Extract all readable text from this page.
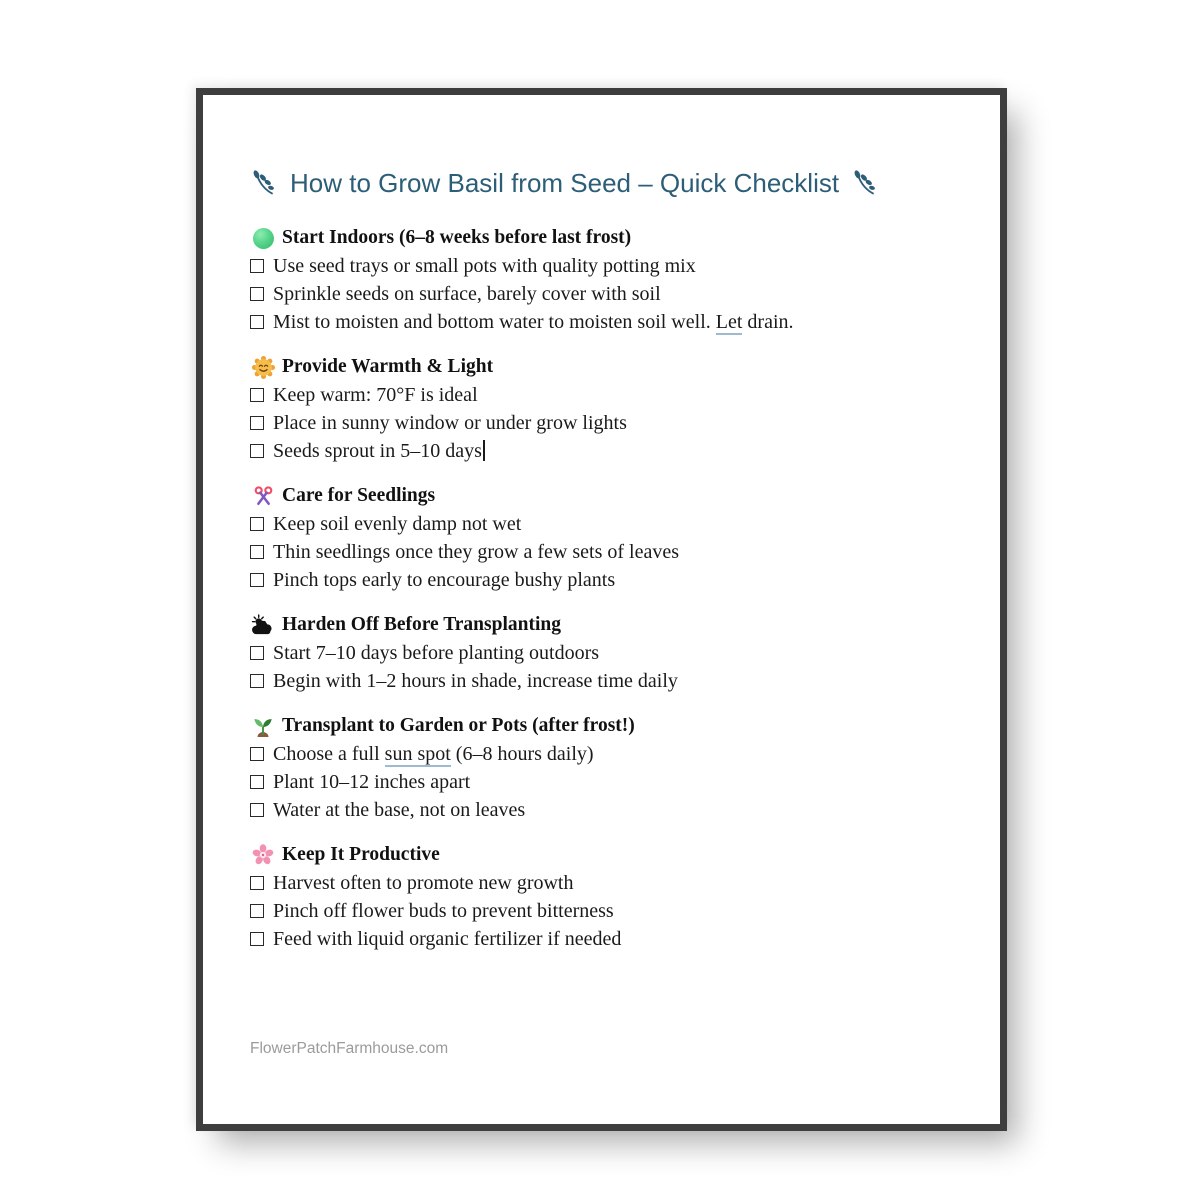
How to Grow Basil from Seed – Quick Checklist
Start Indoors (6–8 weeks before last frost)
Use seed trays or small pots with quality potting mix
Sprinkle seeds on surface, barely cover with soil
Mist to moisten and bottom water to moisten soil well. Let drain.
Provide Warmth & Light
Keep warm: 70°F is ideal
Place in sunny window or under grow lights
Seeds sprout in 5–10 days
Care for Seedlings
Keep soil evenly damp not wet
Thin seedlings once they grow a few sets of leaves
Pinch tops early to encourage bushy plants
Harden Off Before Transplanting
Start 7–10 days before planting outdoors
Begin with 1–2 hours in shade, increase time daily
Transplant to Garden or Pots (after frost!)
Choose a full sun spot (6–8 hours daily)
Plant 10–12 inches apart
Water at the base, not on leaves
Keep It Productive
Harvest often to promote new growth
Pinch off flower buds to prevent bitterness
Feed with liquid organic fertilizer if needed
FlowerPatchFarmhouse.com
